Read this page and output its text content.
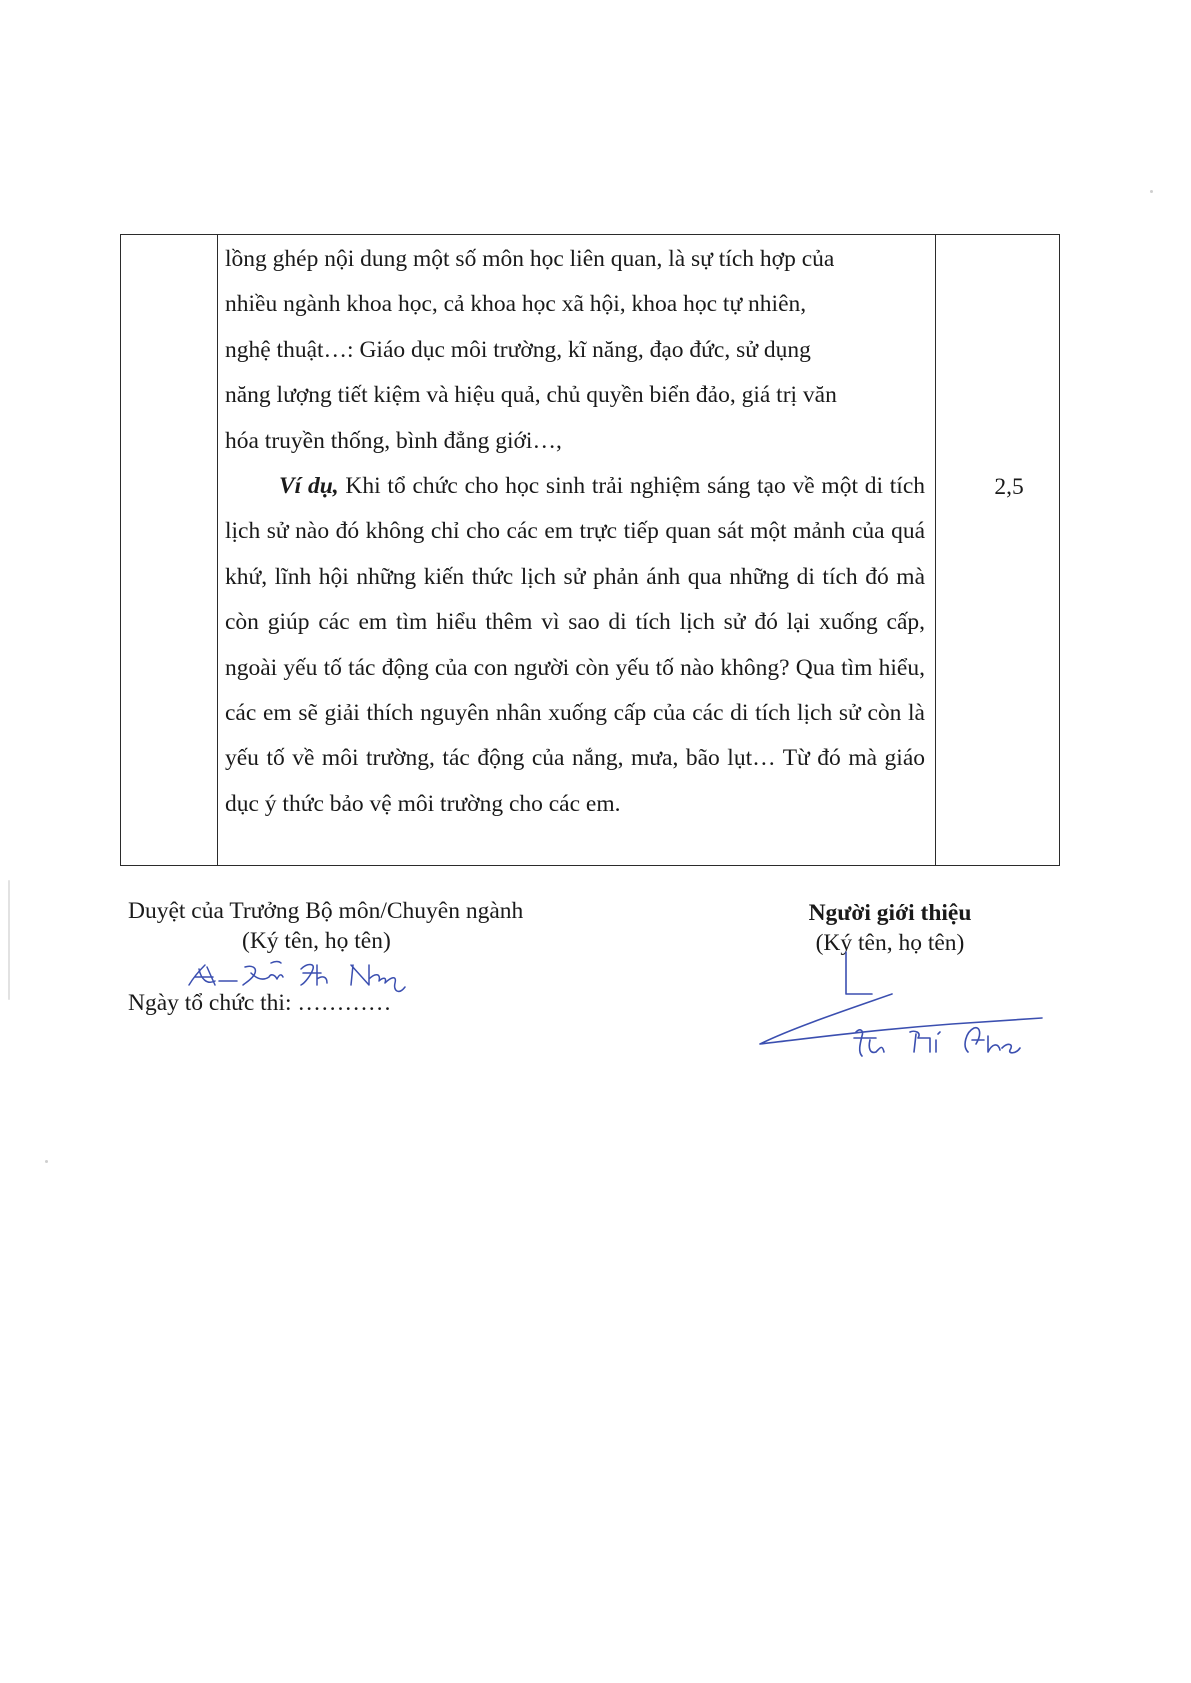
lồng ghép nội dung một số môn học liên quan, là sự tích hợp của

nhiều ngành khoa học, cả khoa học xã hội, khoa học tự nhiên,

nghệ thuật…: Giáo dục môi trường, kĩ năng, đạo đức, sử dụng

năng lượng tiết kiệm và hiệu quả, chủ quyền biển đảo, giá trị văn

hóa truyền thống, bình đẳng giới…,

Ví dụ, Khi tổ chức cho học sinh trải nghiệm sáng tạo về một di tích lịch sử nào đó không chỉ cho các em trực tiếp quan sát một mảnh của quá khứ, lĩnh hội những kiến thức lịch sử phản ánh qua những di tích đó mà còn giúp các em tìm hiểu thêm vì sao di tích lịch sử đó lại xuống cấp, ngoài yếu tố tác động của con người còn yếu tố nào không? Qua tìm hiểu, các em sẽ giải thích nguyên nhân xuống cấp của các di tích lịch sử còn là yếu tố về môi trường, tác động của nắng, mưa, bão lụt… Từ đó mà giáo dục ý thức bảo vệ môi trường cho các em.

2,5

Duyệt của Trưởng Bộ môn/Chuyên ngành

(Ký tên, họ tên)

Ngày tổ chức thi: …………

Người giới thiệu

(Ký tên, họ tên)
